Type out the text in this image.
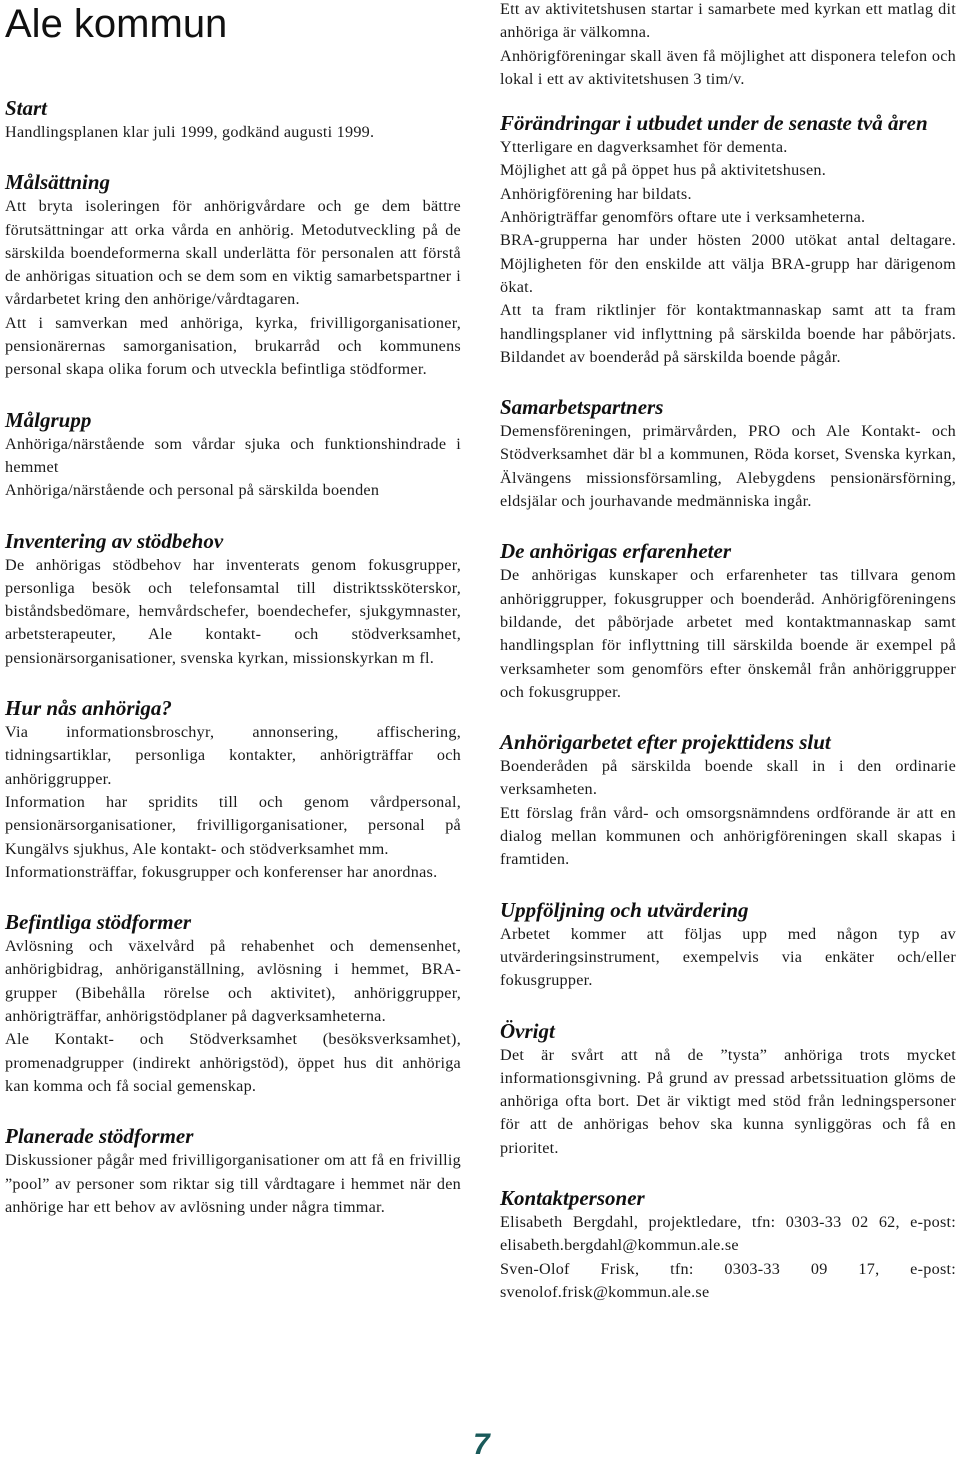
Ale kommun
Start

Handlingsplanen klar juli 1999, godkänd augusti 1999.

Målsättning

Att bryta isoleringen för anhörigvårdare och ge dem bättre förutsättningar att orka vårda en anhörig. Metodutveckling på de särskilda boendeformerna skall underlätta för personalen att förstå de anhörigas situation och se dem som en viktig samarbetspartner i vårdarbetet kring den anhörige/vårdtagaren.

Att i samverkan med anhöriga, kyrka, frivilligorganisationer, pensionärernas samorganisation, brukarråd och kommunens personal skapa olika forum och utveckla befintliga stödformer.

Målgrupp

Anhöriga/närstående som vårdar sjuka och funktionshindrade i hemmet

Anhöriga/närstående och personal på särskilda boenden

Inventering av stödbehov

De anhörigas stödbehov har inventerats genom fokusgrupper, personliga besök och telefonsamtal till distriktssköterskor, biståndsbedömare, hemvårdschefer, boendechefer, sjukgymnaster, arbetsterapeuter, Ale kontakt- och stödverksamhet, pensionärsorganisationer, svenska kyrkan, missionskyrkan m fl.

Hur nås anhöriga?

Via informationsbroschyr, annonsering, affischering, tidningsartiklar, personliga kontakter, anhörigträffar och anhöriggrupper.

Information har spridits till och genom vårdpersonal, pensionärsorganisationer, frivilligorganisationer, personal på Kungälvs sjukhus, Ale kontakt- och stödverksamhet mm.

Informationsträffar, fokusgrupper och konferenser har anordnas.

Befintliga stödformer

Avlösning och växelvård på rehabenhet och demensenhet, anhörigbidrag, anhöriganställning, avlösning i hemmet, BRA-grupper (Bibehålla rörelse och aktivitet), anhöriggrupper, anhörigträffar, anhörigstödplaner på dagverksamheterna.

Ale Kontakt- och Stödverksamhet (besöksverksamhet), promenadgrupper (indirekt anhörigstöd), öppet hus dit anhöriga kan komma och få social gemenskap.

Planerade stödformer

Diskussioner pågår med frivilligorganisationer om att få en frivillig ”pool” av personer som riktar sig till vårdtagare i hemmet när den anhörige har ett behov av avlösning under några timmar.

Ett av aktivitetshusen startar i samarbete med kyrkan ett matlag dit anhöriga är välkomna.

Anhörigföreningar skall även få möjlighet att disponera telefon och lokal i ett av aktivitetshusen 3 tim/v.

Förändringar i utbudet under de senaste två åren

Ytterligare en dagverksamhet för dementa.

Möjlighet att gå på öppet hus på aktivitetshusen.

Anhörigförening har bildats.

Anhörigträffar genomförs oftare ute i verksamheterna.

BRA-grupperna har under hösten 2000 utökat antal deltagare. Möjligheten för den enskilde att välja BRA-grupp har därigenom ökat.

Att ta fram riktlinjer för kontaktmannaskap samt att ta fram handlingsplaner vid inflyttning på särskilda boende har påbörjats. Bildandet av boenderåd på särskilda boende pågår.

Samarbetspartners

Demensföreningen, primärvården, PRO och Ale Kontakt- och Stödverksamhet där bl a kommunen, Röda korset, Svenska kyrkan, Älvängens missionsförsamling, Alebygdens pensionärsförning, eldsjälar och jourhavande medmänniska ingår.

De anhörigas erfarenheter

De anhörigas kunskaper och erfarenheter tas tillvara genom anhöriggrupper, fokusgrupper och boenderåd. Anhörigföreningens bildande, det påbörjade arbetet med kontaktmannaskap samt handlingsplan för inflyttning till särskilda boende är exempel på verksamheter som genomförs efter önskemål från anhöriggrupper och fokusgrupper.

Anhörigarbetet efter projekttidens slut

Boenderåden på särskilda boende skall in i den ordinarie verksamheten.

Ett förslag från vård- och omsorgsnämndens ordförande är att en dialog mellan kommunen och anhörigföreningen skall skapas i framtiden.

Uppföljning och utvärdering

Arbetet kommer att följas upp med någon typ av utvärderingsinstrument, exempelvis via enkäter och/eller fokusgrupper.

Övrigt

Det är svårt att nå de ”tysta” anhöriga trots mycket informationsgivning. På grund av pressad arbetssituation glöms de anhöriga ofta bort. Det är viktigt med stöd från ledningspersoner för att de anhörigas behov ska kunna synliggöras och få en prioritet.

Kontaktpersoner

Elisabeth Bergdahl, projektledare, tfn: 0303-33 02 62, e-post: elisabeth.bergdahl@kommun.ale.se

Sven-Olof Frisk, tfn: 0303-33 09 17, e-post: svenolof.frisk@kommun.ale.se

7
